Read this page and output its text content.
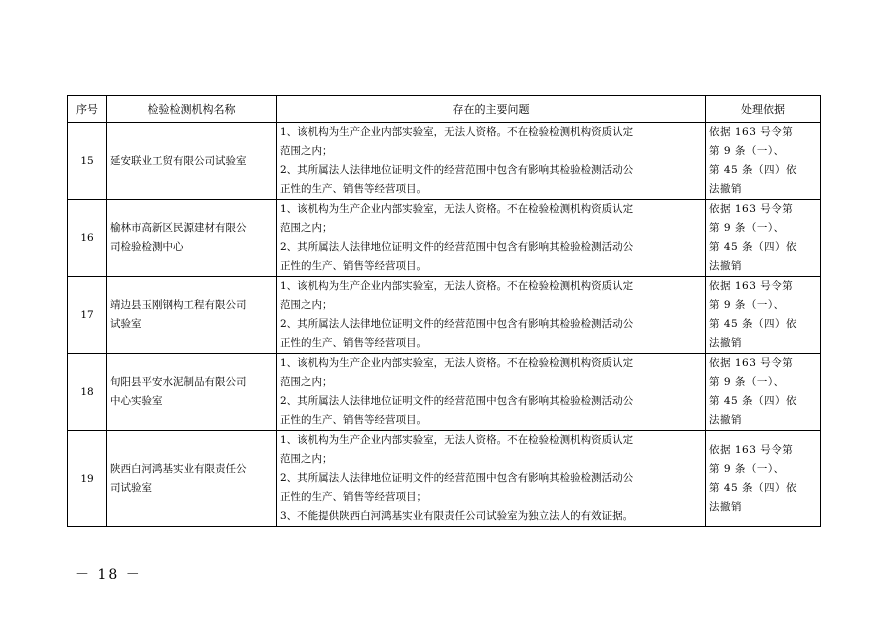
序号	检验检测机构名称	存在的主要问题	处理依据
15	延安联业工贸有限公司试验室	1、该机构为生产企业内部实验室，无法人资格。不在检验检测机构资质认定
范围之内；
2、其所属法人法律地位证明文件的经营范围中包含有影响其检验检测活动公
正性的生产、销售等经营项目。	依据 163 号令第
第 9 条（一）、
第 45 条（四）依
法撤销

16	榆林市高新区民源建材有限公
司检验检测中心	1、该机构为生产企业内部实验室，无法人资格。不在检验检测机构资质认定
范围之内；
2、其所属法人法律地位证明文件的经营范围中包含有影响其检验检测活动公
正性的生产、销售等经营项目。	依据 163 号令第
第 9 条（一）、
第 45 条（四）依
法撤销

17	靖边县玉刚钢构工程有限公司
试验室	1、该机构为生产企业内部实验室，无法人资格。不在检验检测机构资质认定
范围之内；
2、其所属法人法律地位证明文件的经营范围中包含有影响其检验检测活动公
正性的生产、销售等经营项目。	依据 163 号令第
第 9 条（一）、
第 45 条（四）依
法撤销

18	旬阳县平安水泥制品有限公司
中心实验室	1、该机构为生产企业内部实验室，无法人资格。不在检验检测机构资质认定
范围之内；
2、其所属法人法律地位证明文件的经营范围中包含有影响其检验检测活动公
正性的生产、销售等经营项目。	依据 163 号令第
第 9 条（一）、
第 45 条（四）依
法撤销

19	陕西白河鸿基实业有限责任公
司试验室	1、该机构为生产企业内部实验室，无法人资格。不在检验检测机构资质认定
范围之内；
2、其所属法人法律地位证明文件的经营范围中包含有影响其检验检测活动公
正性的生产、销售等经营项目；
3、不能提供陕西白河鸿基实业有限责任公司试验室为独立法人的有效证据。	依据 163 号令第
第 9 条（一）、
第 45 条（四）依
法撤销
－ 18 －
